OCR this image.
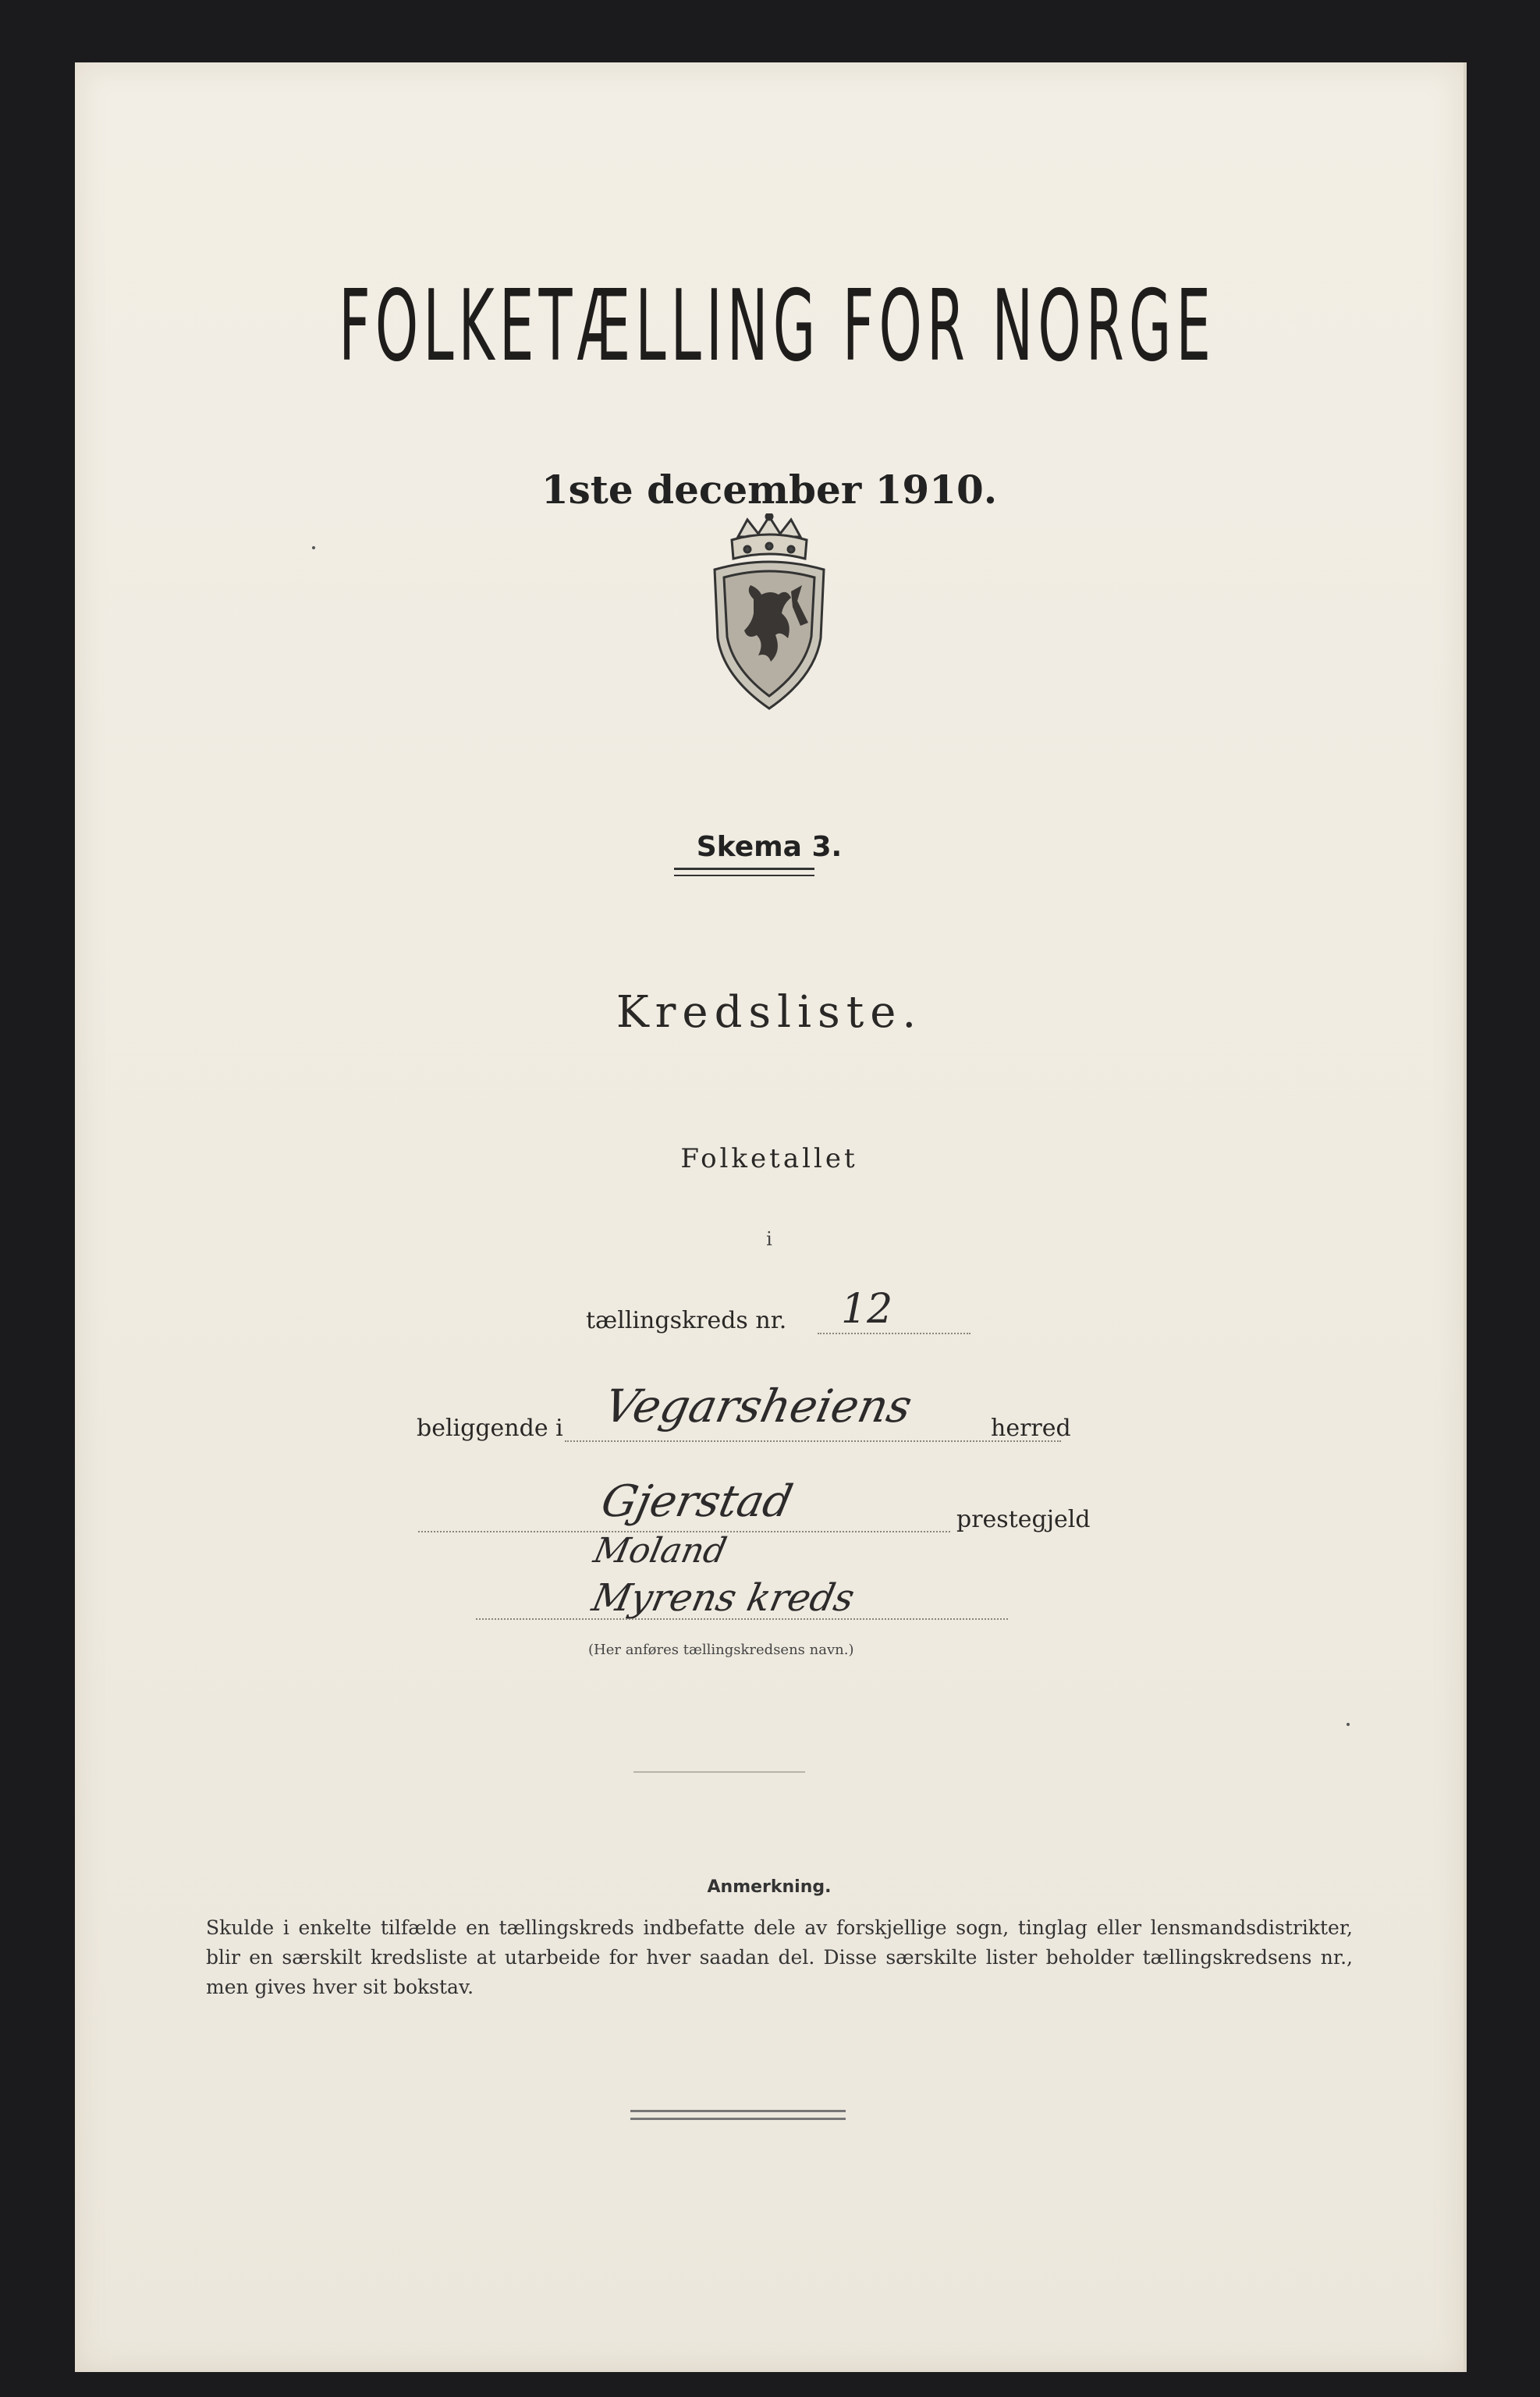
FOLKETÆLLING FOR NORGE
1ste december 1910.
Skema 3.
Kredsliste.
Folketallet
i
tællingskreds nr. 12
beliggende i Vegarsheiens	herred
Gjerstad	prestegjeld
Moland
Myrens kreds
(Her anføres tællingskredsens navn.)
Anmerkning.
Skulde i enkelte tilfælde en tællingskreds indbefatte dele av forskjellige sogn, tinglag eller lensmandsdistrikter, blir en særskilt kredsliste at utarbeide for hver saadan del. Disse særskilte lister beholder tællingskredsens nr., men gives hver sit bokstav.
